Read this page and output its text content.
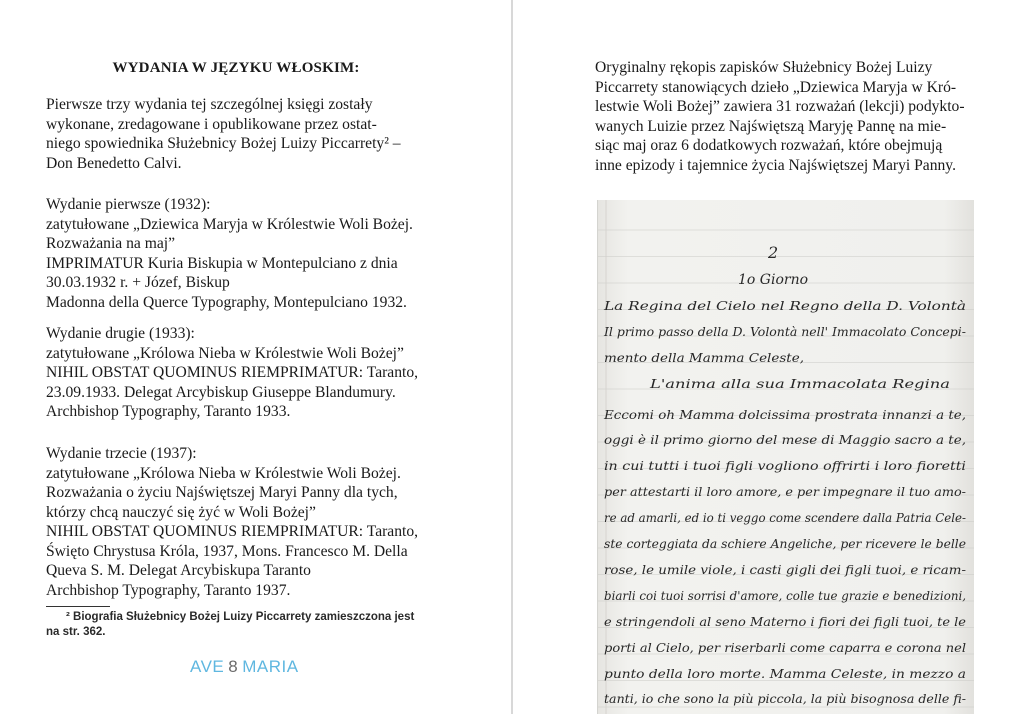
WYDANIA W JĘZYKU WŁOSKIM:

Pierwsze trzy wydania tej szczególnej księgi zostały
wykonane, zredagowane i opublikowane przez ostat-
niego spowiednika Służebnicy Bożej Luizy Piccarrety² –
Don Benedetto Calvi.

Wydanie pierwsze (1932):
zatytułowane „Dziewica Maryja w Królestwie Woli Bożej.
Rozważania na maj”
IMPRIMATUR Kuria Biskupia w Montepulciano z dnia
30.03.1932 r. + Józef, Biskup
Madonna della Querce Typography, Montepulciano 1932.

Wydanie drugie (1933):
zatytułowane „Królowa Nieba w Królestwie Woli Bożej”
NIHIL OBSTAT QUOMINUS RIEMPRIMATUR: Taranto,
23.09.1933. Delegat Arcybiskup Giuseppe Blandumury.
Archbishop Typography, Taranto 1933.

Wydanie trzecie (1937):
zatytułowane „Królowa Nieba w Królestwie Woli Bożej.
Rozważania o życiu Najświętszej Maryi Panny dla tych,
którzy chcą nauczyć się żyć w Woli Bożej”
NIHIL OBSTAT QUOMINUS RIEMPRIMATUR: Taranto,
Święto Chrystusa Króla, 1937, Mons. Francesco M. Della
Queva S. M. Delegat Arcybiskupa Taranto
Archbishop Typography, Taranto 1937.

² Biografia Służebnicy Bożej Luizy Piccarrety zamieszczona jest
na str. 362.
AVE 8 MARIA

Oryginalny rękopis zapisków Służebnicy Bożej Luizy
Piccarrety stanowiących dzieło „Dziewica Maryja w Kró-
lestwie Woli Bożej” zawiera 31 rozważań (lekcji) podykto-
wanych Luizie przez Najświętszą Maryję Pannę na mie-
siąc maj oraz 6 dodatkowych rozważań, które obejmują
inne epizody i tajemnice życia Najświętszej Maryi Panny.

2
1o Giorno
La Regina del Cielo nel Regno della D. Volontà
Il primo passo della D. Volontà nell' Immacolato Concepi-
mento della Mamma Celeste,
L'anima alla sua Immacolata Regina
Eccomi oh Mamma dolcissima prostrata innanzi a te,
oggi è il primo giorno del mese di Maggio sacro a te,
in cui tutti i tuoi figli vogliono offrirti i loro fioretti
per attestarti il loro amore, e per impegnare il tuo amo-
re ad amarli, ed io ti veggo come scendere dalla Patria Cele-
ste corteggiata da schiere Angeliche, per ricevere le belle
rose, le umile viole, i casti gigli dei figli tuoi, e ricam-
biarli coi tuoi sorrisi d'amore, colle tue grazie e benedizioni,
e stringendoli al seno Materno i fiori dei figli tuoi, te le
porti al Cielo, per riserbarli come caparra e corona nel
punto della loro morte. Mamma Celeste, in mezzo a
tanti, io che sono la più piccola, la più bisognosa delle fi-
